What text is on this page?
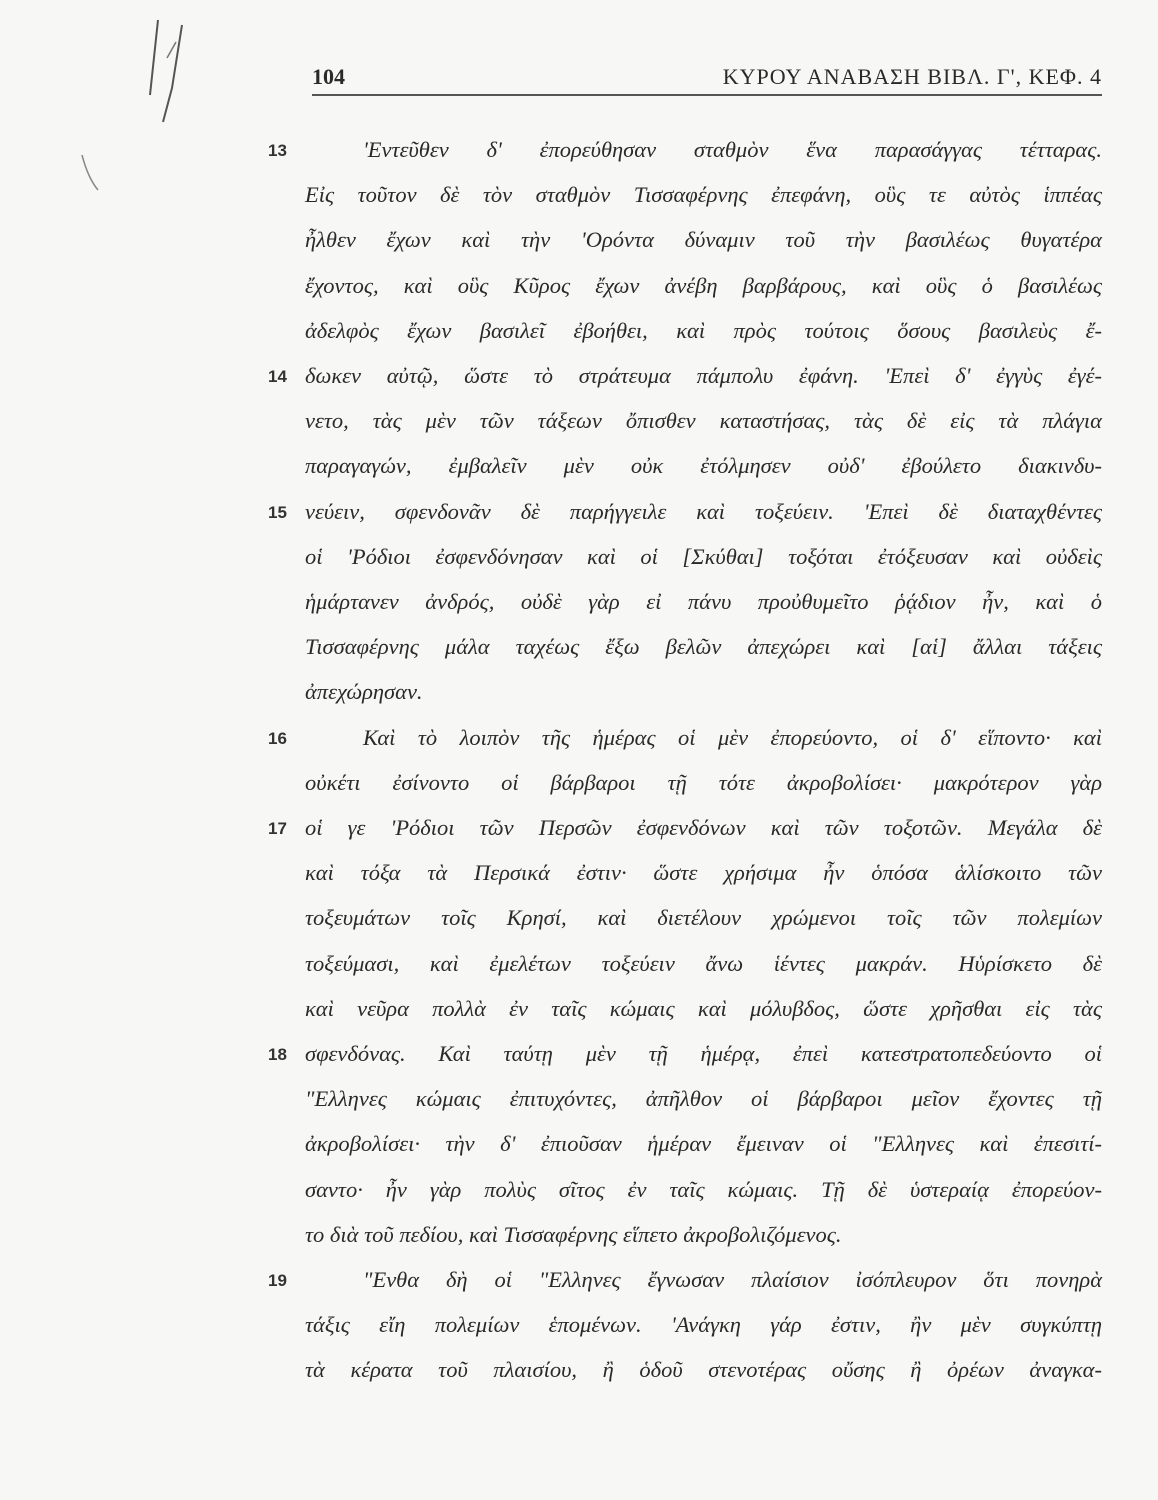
104	ΚΥΡΟΥ ΑΝΑΒΑΣΗ ΒΙΒΛ. Γ', ΚΕΦ. 4
13	'Εντεῦθεν δ' ἐπορεύθησαν σταθμὸν ἕνα παρασάγγας τέτταρας.
Εἰς τοῦτον δὲ τὸν σταθμὸν Τισσαφέρνης ἐπεφάνη, οὓς τε αὐτὸς ἱππέας
ἦλθεν ἔχων καὶ τὴν 'Ορόντα δύναμιν τοῦ τὴν βασιλέως θυγατέρα
ἔχοντος, καὶ οὓς Κῦρος ἔχων ἀνέβη βαρβάρους, καὶ οὓς ὁ βασιλέως
ἀδελφὸς ἔχων βασιλεῖ ἐβοήθει, καὶ πρὸς τούτοις ὅσους βασιλεὺς ἔ-
14 δωκεν αὐτῷ, ὥστε τὸ στράτευμα πάμπολυ ἐφάνη. 'Επεὶ δ' ἐγγὺς ἐγέ-
νετο, τὰς μὲν τῶν τάξεων ὄπισθεν καταστήσας, τὰς δὲ εἰς τὰ πλάγια
παραγαγών, ἐμβαλεῖν μὲν οὐκ ἐτόλμησεν οὐδ' ἐβούλετο διακινδυ-
15 νεύειν, σφενδονᾶν δὲ παρήγγειλε καὶ τοξεύειν. 'Επεὶ δὲ διαταχθέντες
οἱ 'Ρόδιοι ἐσφενδόνησαν καὶ οἱ [Σκύθαι] τοξόται ἐτόξευσαν καὶ οὐδεὶς
ἡμάρτανεν ἀνδρός, οὐδὲ γὰρ εἰ πάνυ προὐθυμεῖτο ῥᾴδιον ἦν, καὶ ὁ
Τισσαφέρνης μάλα ταχέως ἔξω βελῶν ἀπεχώρει καὶ [αἱ] ἄλλαι τάξεις
ἀπεχώρησαν.
16	Καὶ τὸ λοιπὸν τῆς ἡμέρας οἱ μὲν ἐπορεύοντο, οἱ δ' εἵποντο· καὶ
οὐκέτι ἐσίνοντο οἱ βάρβαροι τῇ τότε ἀκροβολίσει· μακρότερον γὰρ
17 οἱ γε 'Ρόδιοι τῶν Περσῶν ἐσφενδόνων καὶ τῶν τοξοτῶν. Μεγάλα δὲ
καὶ τόξα τὰ Περσικά ἐστιν· ὥστε χρήσιμα ἦν ὁπόσα ἁλίσκοιτο τῶν
τοξευμάτων τοῖς Κρησί, καὶ διετέλουν χρώμενοι τοῖς τῶν πολεμίων
τοξεύμασι, καὶ ἐμελέτων τοξεύειν ἄνω ἱέντες μακράν. Ηὑρίσκετο δὲ
καὶ νεῦρα πολλὰ ἐν ταῖς κώμαις καὶ μόλυβδος, ὥστε χρῆσθαι εἰς τὰς
18 σφενδόνας. Καὶ ταύτῃ μὲν τῇ ἡμέρᾳ, ἐπεὶ κατεστρατοπεδεύοντο οἱ
"Ελληνες κώμαις ἐπιτυχόντες, ἀπῆλθον οἱ βάρβαροι μεῖον ἔχοντες τῇ
ἀκροβολίσει· τὴν δ' ἐπιοῦσαν ἡμέραν ἔμειναν οἱ "Ελληνες καὶ ἐπεσιτί-
σαντο· ἦν γὰρ πολὺς σῖτος ἐν ταῖς κώμαις. Τῇ δὲ ὑστεραίᾳ ἐπορεύον-
το διὰ τοῦ πεδίου, καὶ Τισσαφέρνης εἵπετο ἀκροβολιζόμενος.
19	"Ενθα δὴ οἱ "Ελληνες ἔγνωσαν πλαίσιον ἰσόπλευρον ὅτι πονηρὰ
τάξις εἴη πολεμίων ἑπομένων. 'Ανάγκη γάρ ἐστιν, ἢν μὲν συγκύπτῃ
τὰ κέρατα τοῦ πλαισίου, ἢ ὁδοῦ στενοτέρας οὔσης ἢ ὀρέων ἀναγκα-
